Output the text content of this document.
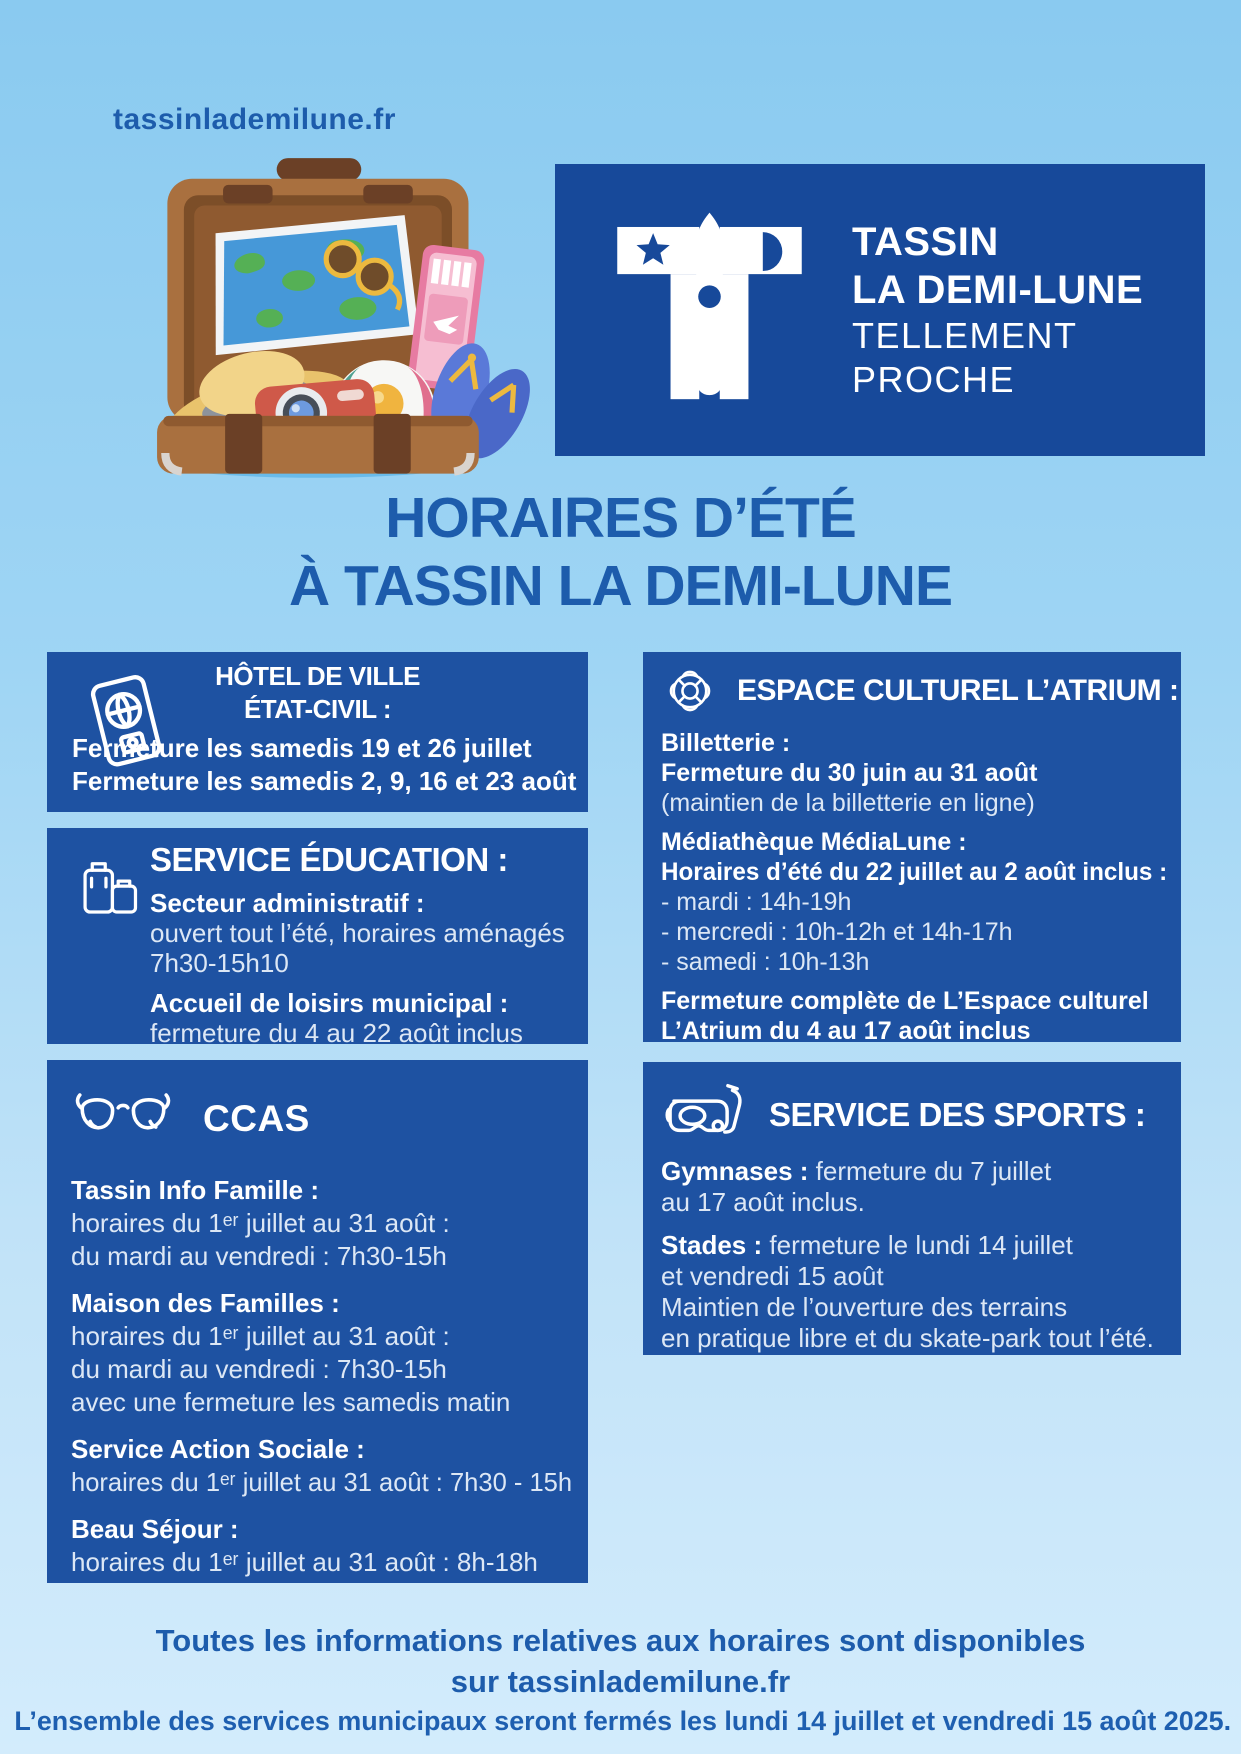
tassinlademilune.fr
TASSIN
LA DEMI-LUNE
TELLEMENT
PROCHE
HORAIRES D’ÉTÉ
À TASSIN LA DEMI-LUNE
HÔTEL DE VILLE
ÉTAT-CIVIL :
Fermeture les samedis 19 et 26 juillet
Fermeture les samedis 2, 9, 16 et 23 août
SERVICE ÉDUCATION :
Secteur administratif :
ouvert tout l’été, horaires aménagés
7h30-15h10
Accueil de loisirs municipal :
fermeture du 4 au 22 août inclus
CCAS
Tassin Info Famille :
horaires du 1ᵉʳ juillet au 31 août :
du mardi au vendredi : 7h30-15h
Maison des Familles :
horaires du 1ᵉʳ juillet au 31 août :
du mardi au vendredi : 7h30-15h
avec une fermeture les samedis matin
Service Action Sociale :
horaires du 1ᵉʳ juillet au 31 août : 7h30 - 15h
Beau Séjour :
horaires du 1ᵉʳ juillet au 31 août : 8h-18h
ESPACE CULTUREL L’ATRIUM :
Billetterie :
Fermeture du 30 juin au 31 août
(maintien de la billetterie en ligne)
Médiathèque MédiaLune :
Horaires d’été du 22 juillet au 2 août inclus :
- mardi : 14h-19h
- mercredi : 10h-12h et 14h-17h
- samedi : 10h-13h
Fermeture complète de L’Espace culturel
L’Atrium du 4 au 17 août inclus
SERVICE DES SPORTS :
Gymnases : fermeture du 7 juillet
au 17 août inclus.
Stades : fermeture le lundi 14 juillet
et vendredi 15 août
Maintien de l’ouverture des terrains
en pratique libre et du skate-park tout l’été.
Toutes les informations relatives aux horaires sont disponibles
sur tassinlademilune.fr
L’ensemble des services municipaux seront fermés les lundi 14 juillet et vendredi 15 août 2025.
